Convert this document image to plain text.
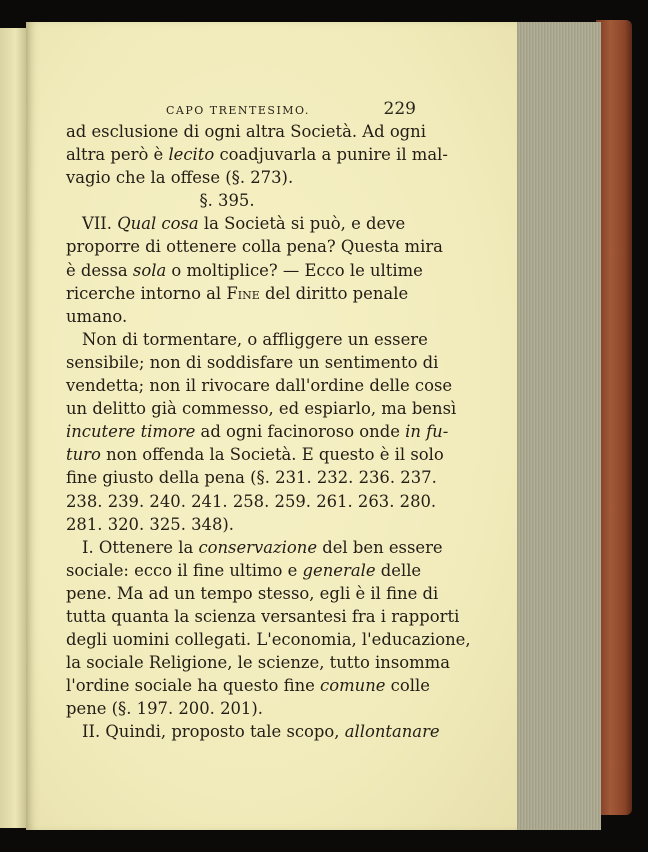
CAPO TRENTESIMO.	229
ad esclusione di ogni altra Società. Ad ogni
altra però è lecito coadjuvarla a punire il mal-
vagio che la offese (§. 273).
§. 395.
VII. Qual cosa la Società si può, e deve
proporre di ottenere colla pena? Questa mira
è dessa sola o moltiplice? — Ecco le ultime
ricerche intorno al Fine del diritto penale
umano.
Non di tormentare, o affliggere un essere
sensibile; non di soddisfare un sentimento di
vendetta; non il rivocare dall'ordine delle cose
un delitto già commesso, ed espiarlo, ma bensì
incutere timore ad ogni facinoroso onde in fu-
turo non offenda la Società. E questo è il solo
fine giusto della pena (§. 231. 232. 236. 237.
238. 239. 240. 241. 258. 259. 261. 263. 280.
281. 320. 325. 348).
I. Ottenere la conservazione del ben essere
sociale: ecco il fine ultimo e generale delle
pene. Ma ad un tempo stesso, egli è il fine di
tutta quanta la scienza versantesi fra i rapporti
degli uomini collegati. L'economia, l'educazione,
la sociale Religione, le scienze, tutto insomma
l'ordine sociale ha questo fine comune colle
pene (§. 197. 200. 201).
II. Quindi, proposto tale scopo, allontanare
